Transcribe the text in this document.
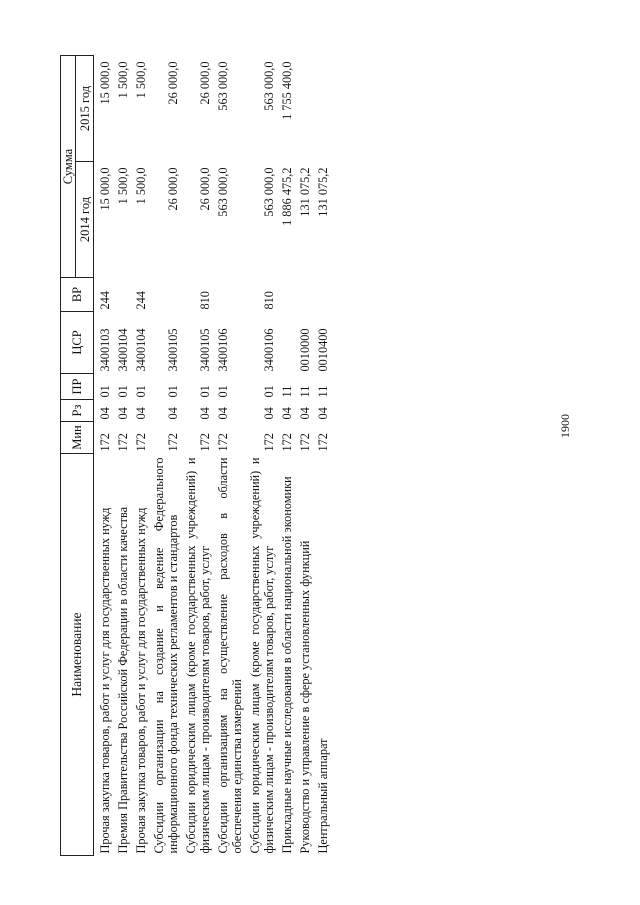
1900
Наименование	Мин	Рз	ПР	ЦСР	ВР	Сумма	
						2014 год	2015 год
Прочая закупка товаров, работ и услуг для государственных нужд	172	04	01	3400103	244	15 000,0	15 000,0
Премия Правительства Российской Федерации в области качества	172	04	01	3400104		1 500,0	1 500,0
Прочая закупка товаров, работ и услуг для государственных нужд	172	04	01	3400104	244	1 500,0	1 500,0
Субсидии организации на создание и ведение Федерального информационного фонда технических регламентов и стандартов	172	04	01	3400105		26 000,0	26 000,0
Субсидии юридическим лицам (кроме государственных учреждений) и физическим лицам - производителям товаров, работ, услуг	172	04	01	3400105	810	26 000,0	26 000,0
Субсидии организациям на осуществление расходов в области обеспечения единства измерений	172	04	01	3400106		563 000,0	563 000,0
Субсидии юридическим лицам (кроме государственных учреждений) и физическим лицам - производителям товаров, работ, услуг	172	04	01	3400106	810	563 000,0	563 000,0
Прикладные научные исследования в области национальной экономики	172	04	11			1 886 475,2	1 755 400,0
Руководство и управление в сфере установленных функций	172	04	11	0010000		131 075,2	
Центральный аппарат	172	04	11	0010400		131 075,2	
